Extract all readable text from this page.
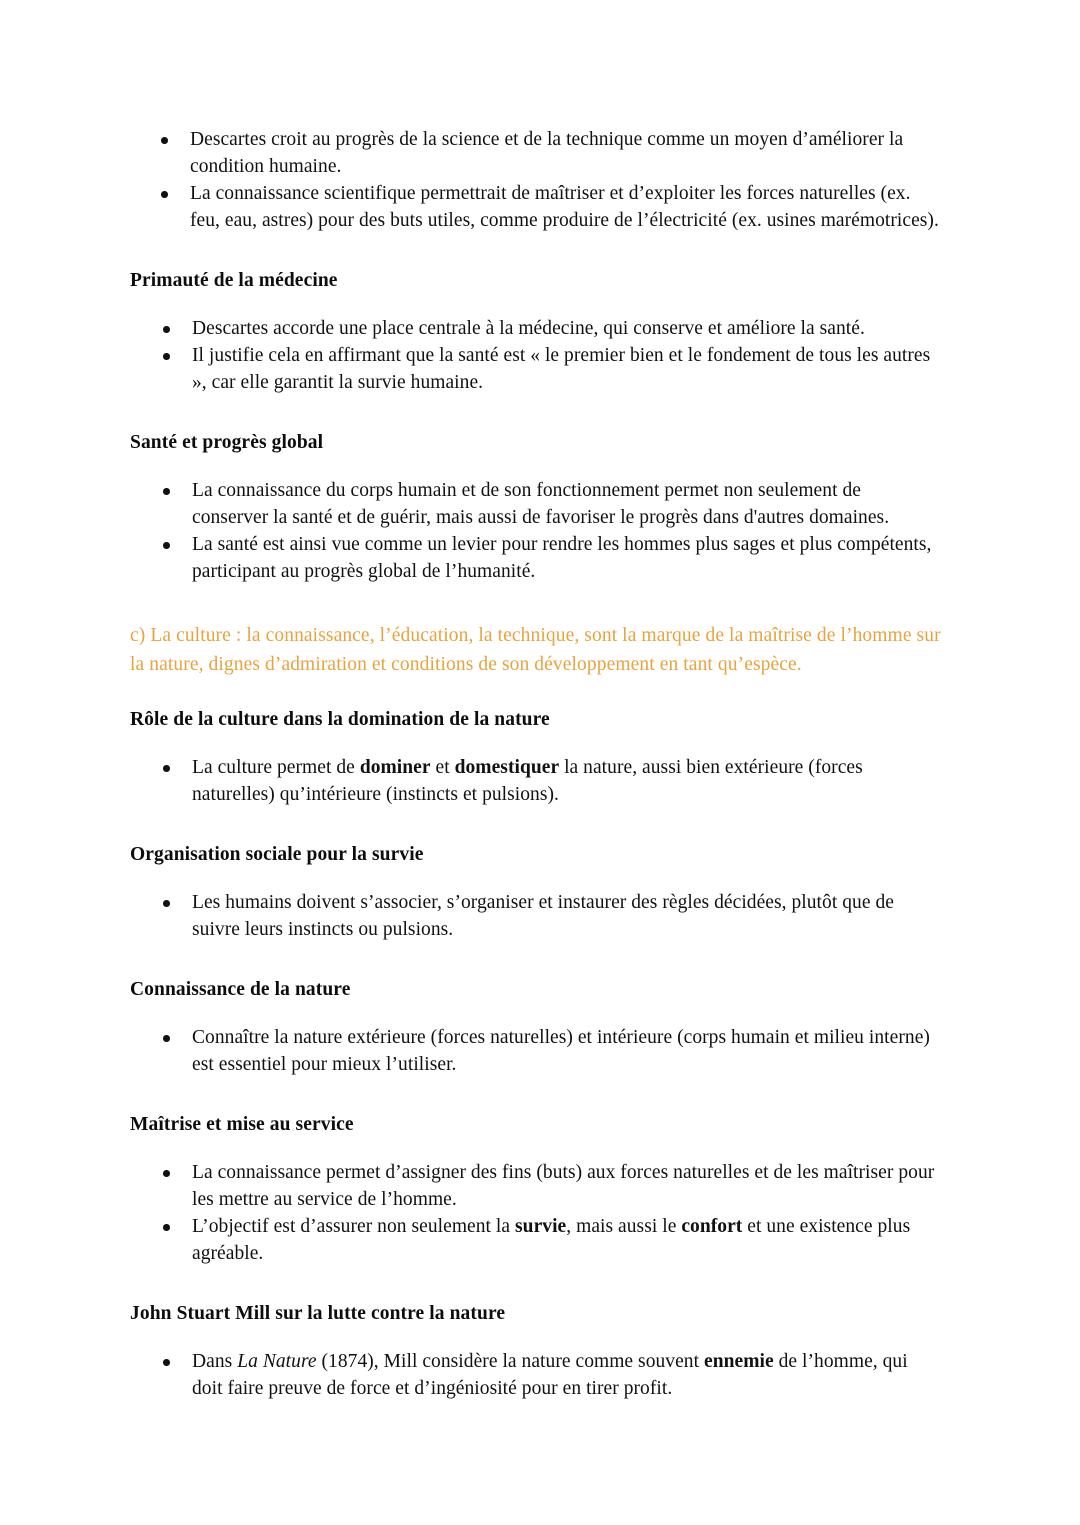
Descartes croit au progrès de la science et de la technique comme un moyen d’améliorer la condition humaine.
La connaissance scientifique permettrait de maîtriser et d’exploiter les forces naturelles (ex. feu, eau, astres) pour des buts utiles, comme produire de l’électricité (ex. usines marémotrices).
Primauté de la médecine
Descartes accorde une place centrale à la médecine, qui conserve et améliore la santé.
Il justifie cela en affirmant que la santé est « le premier bien et le fondement de tous les autres », car elle garantit la survie humaine.
Santé et progrès global
La connaissance du corps humain et de son fonctionnement permet non seulement de conserver la santé et de guérir, mais aussi de favoriser le progrès dans d'autres domaines.
La santé est ainsi vue comme un levier pour rendre les hommes plus sages et plus compétents, participant au progrès global de l’humanité.

c) La culture : la connaissance, l’éducation, la technique, sont la marque de la maîtrise de l’homme sur la nature, dignes d’admiration et conditions de son développement en tant qu’espèce.

Rôle de la culture dans la domination de la nature
La culture permet de dominer et domestiquer la nature, aussi bien extérieure (forces naturelles) qu’intérieure (instincts et pulsions).
Organisation sociale pour la survie
Les humains doivent s’associer, s’organiser et instaurer des règles décidées, plutôt que de suivre leurs instincts ou pulsions.
Connaissance de la nature
Connaître la nature extérieure (forces naturelles) et intérieure (corps humain et milieu interne) est essentiel pour mieux l’utiliser.
Maîtrise et mise au service
La connaissance permet d’assigner des fins (buts) aux forces naturelles et de les maîtriser pour les mettre au service de l’homme.
L’objectif est d’assurer non seulement la survie, mais aussi le confort et une existence plus agréable.
John Stuart Mill sur la lutte contre la nature
Dans La Nature (1874), Mill considère la nature comme souvent ennemie de l’homme, qui doit faire preuve de force et d’ingéniosité pour en tirer profit.
